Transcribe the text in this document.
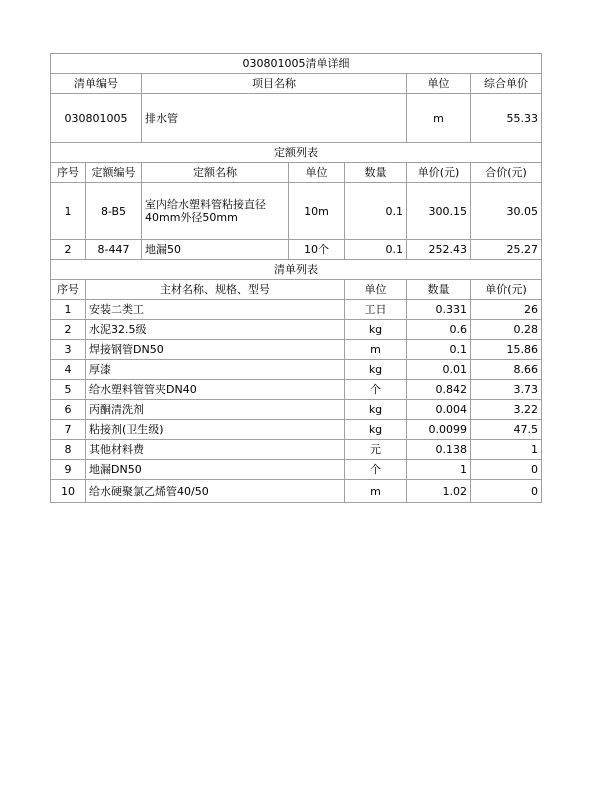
030801005清单详细							
清单编号		项目名称			单位	综合单价	
030801005		排水管			m	55.33	
定额列表							
序号	定额编号	定额名称	单位	数量	单价(元)	合价(元)	
1	8-B5	室内给水塑料管粘接直径40mm外径50mm	10m	0.1	300.15	30.05	
2	8-447	地漏50	10个	0.1	252.43	25.27	
清单列表							
序号	主材名称、规格、型号			单位	数量	单价(元)	
1	安装二类工			工日	0.331	26	
2	水泥32.5级			kg	0.6	0.28	
3	焊接钢管DN50			m	0.1	15.86	
4	厚漆			kg	0.01	8.66	
5	给水塑料管管夹DN40			个	0.842	3.73	
6	丙酮清洗剂			kg	0.004	3.22	
7	粘接剂(卫生级)			kg	0.0099	47.5	
8	其他材料费			元	0.138	1	
9	地漏DN50			个	1	0	
10	给水硬聚氯乙烯管40/50			m	1.02	0	
